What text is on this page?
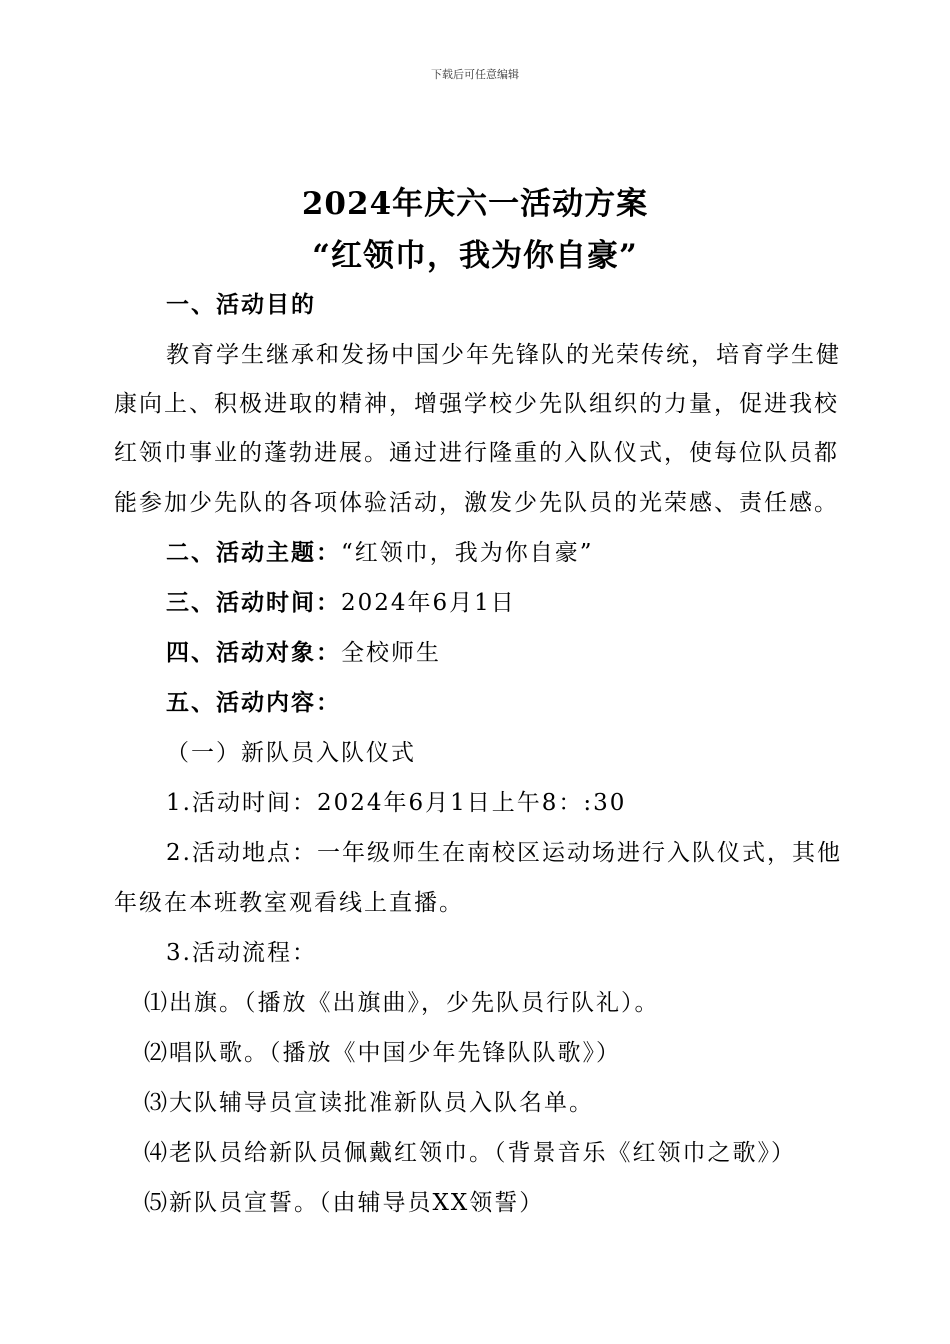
下载后可任意编辑
2024年庆六一活动方案
“红领巾，我为你自豪”
一、活动目的
教育学生继承和发扬中国少年先锋队的光荣传统，培育学生健
康向上、积极进取的精神，增强学校少先队组织的力量，促进我校
红领巾事业的蓬勃进展。通过进行隆重的入队仪式，使每位队员都
能参加少先队的各项体验活动，激发少先队员的光荣感、责任感。
二、活动主题：“红领巾，我为你自豪”
三、活动时间：2024年6月1日
四、活动对象：全校师生
五、活动内容：
（一）新队员入队仪式
1.活动时间：2024年6月1日上午8：:30
2.活动地点：一年级师生在南校区运动场进行入队仪式，其他
年级在本班教室观看线上直播。
3.活动流程：
⑴出旗。（播放《出旗曲》，少先队员行队礼）。
⑵唱队歌。（播放《中国少年先锋队队歌》）
⑶大队辅导员宣读批准新队员入队名单。
⑷老队员给新队员佩戴红领巾。（背景音乐《红领巾之歌》）
⑸新队员宣誓。（由辅导员XX领誓）
